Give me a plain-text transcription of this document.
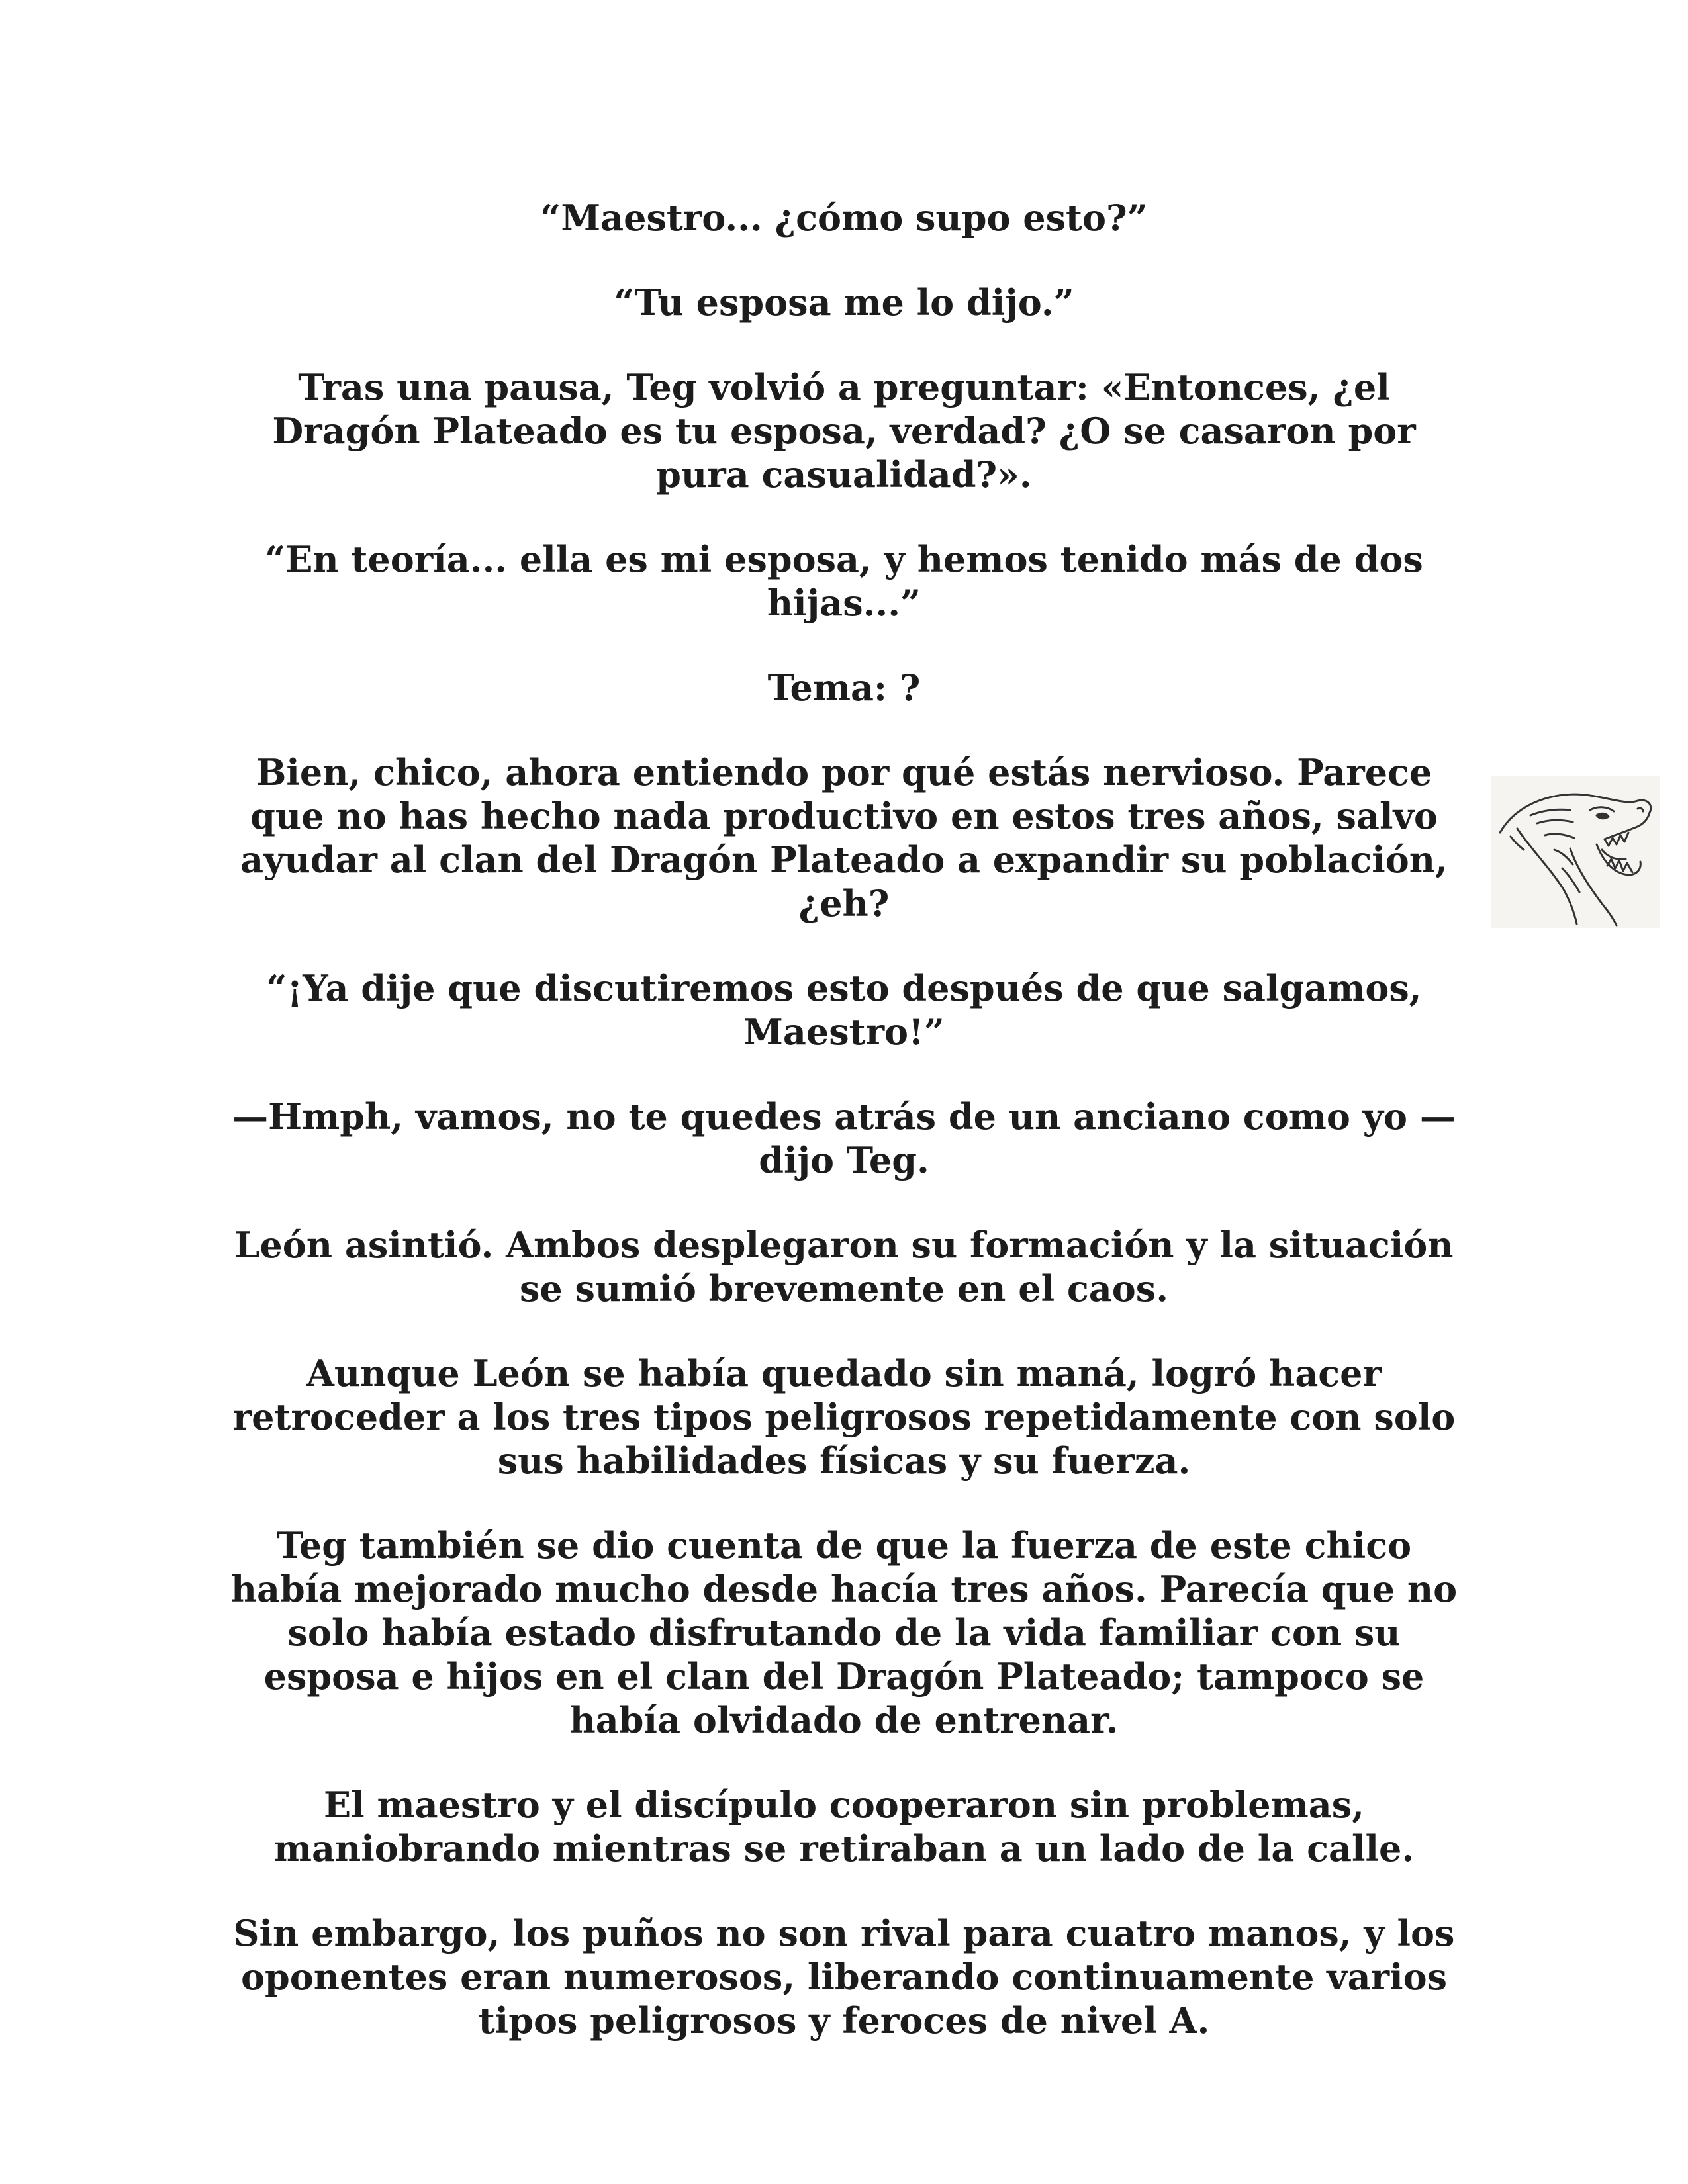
“Maestro... ¿cómo supo esto?”

“Tu esposa me lo dijo.”

Tras una pausa, Teg volvió a preguntar: «Entonces, ¿el Dragón Plateado es tu esposa, verdad? ¿O se casaron por pura casualidad?».

“En teoría... ella es mi esposa, y hemos tenido más de dos hijas...”

Tema: ?

Bien, chico, ahora entiendo por qué estás nervioso. Parece que no has hecho nada productivo en estos tres años, salvo ayudar al clan del Dragón Plateado a expandir su población, ¿eh?

“¡Ya dije que discutiremos esto después de que salgamos, Maestro!”

—Hmph, vamos, no te quedes atrás de un anciano como yo —dijo Teg.

León asintió. Ambos desplegaron su formación y la situación se sumió brevemente en el caos.

Aunque León se había quedado sin maná, logró hacer retroceder a los tres tipos peligrosos repetidamente con solo sus habilidades físicas y su fuerza.

Teg también se dio cuenta de que la fuerza de este chico había mejorado mucho desde hacía tres años. Parecía que no solo había estado disfrutando de la vida familiar con su esposa e hijos en el clan del Dragón Plateado; tampoco se había olvidado de entrenar.

El maestro y el discípulo cooperaron sin problemas, maniobrando mientras se retiraban a un lado de la calle.

Sin embargo, los puños no son rival para cuatro manos, y los oponentes eran numerosos, liberando continuamente varios tipos peligrosos y feroces de nivel A.
